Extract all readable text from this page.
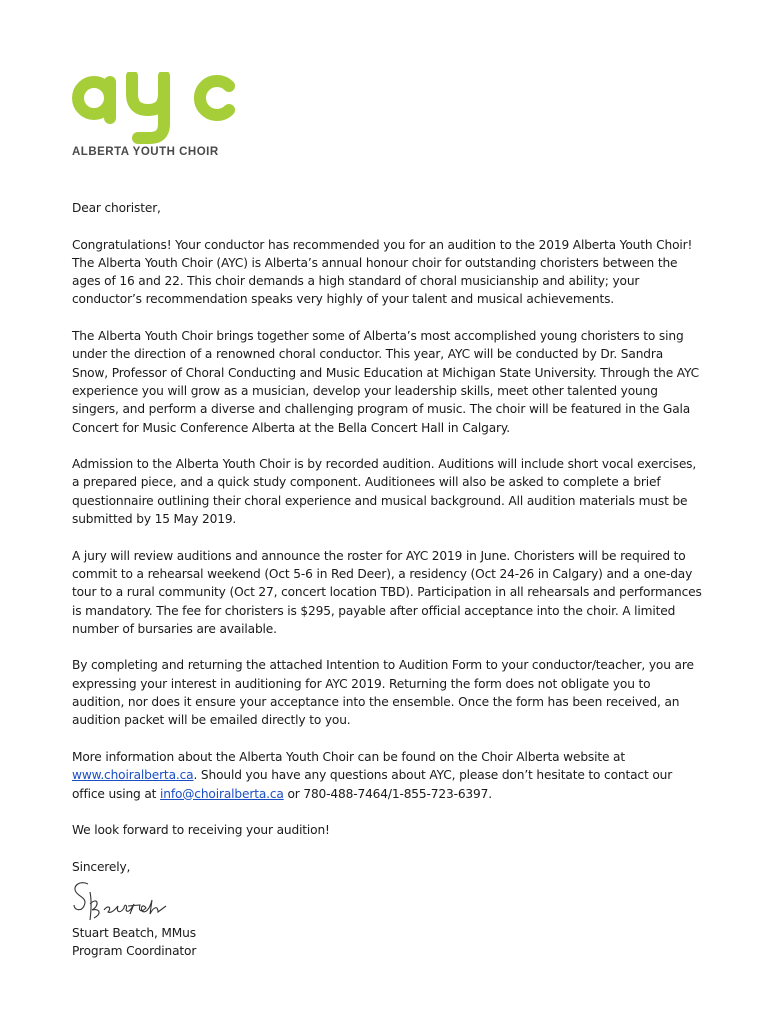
ALBERTA YOUTH CHOIR

Dear chorister,

Congratulations! Your conductor has recommended you for an audition to the 2019 Alberta Youth Choir! The Alberta Youth Choir (AYC) is Alberta’s annual honour choir for outstanding choristers between the ages of 16 and 22. This choir demands a high standard of choral musicianship and ability; your conductor’s recommendation speaks very highly of your talent and musical achievements.

The Alberta Youth Choir brings together some of Alberta’s most accomplished young choristers to sing under the direction of a renowned choral conductor. This year, AYC will be conducted by Dr. Sandra Snow, Professor of Choral Conducting and Music Education at Michigan State University. Through the AYC experience you will grow as a musician, develop your leadership skills, meet other talented young singers, and perform a diverse and challenging program of music. The choir will be featured in the Gala Concert for Music Conference Alberta at the Bella Concert Hall in Calgary.

Admission to the Alberta Youth Choir is by recorded audition. Auditions will include short vocal exercises, a prepared piece, and a quick study component. Auditionees will also be asked to complete a brief questionnaire outlining their choral experience and musical background. All audition materials must be submitted by 15 May 2019.

A jury will review auditions and announce the roster for AYC 2019 in June. Choristers will be required to commit to a rehearsal weekend (Oct 5-6 in Red Deer), a residency (Oct 24-26 in Calgary) and a one-day tour to a rural community (Oct 27, concert location TBD). Participation in all rehearsals and performances is mandatory. The fee for choristers is $295, payable after official acceptance into the choir. A limited number of bursaries are available.

By completing and returning the attached Intention to Audition Form to your conductor/teacher, you are expressing your interest in auditioning for AYC 2019. Returning the form does not obligate you to audition, nor does it ensure your acceptance into the ensemble. Once the form has been received, an audition packet will be emailed directly to you.

More information about the Alberta Youth Choir can be found on the Choir Alberta website at www.choiralberta.ca. Should you have any questions about AYC, please don’t hesitate to contact our office using at info@choiralberta.ca or 780-488-7464/1-855-723-6397.

We look forward to receiving your audition!

Sincerely,

Stuart Beatch, MMus
Program Coordinator
